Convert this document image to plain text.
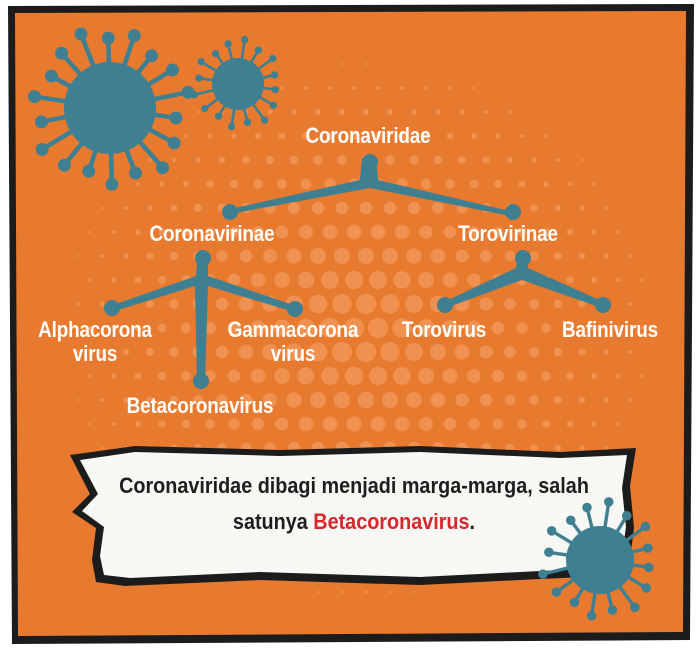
Coronaviridae
Coronavirinae	Torovirinae
Alphacorona
virus
Gammacorona
virus
Betacoronavirus
Torovirus	Bafinivirus
Coronaviridae dibagi menjadi marga-marga, salah satunya Betacoronavirus.
